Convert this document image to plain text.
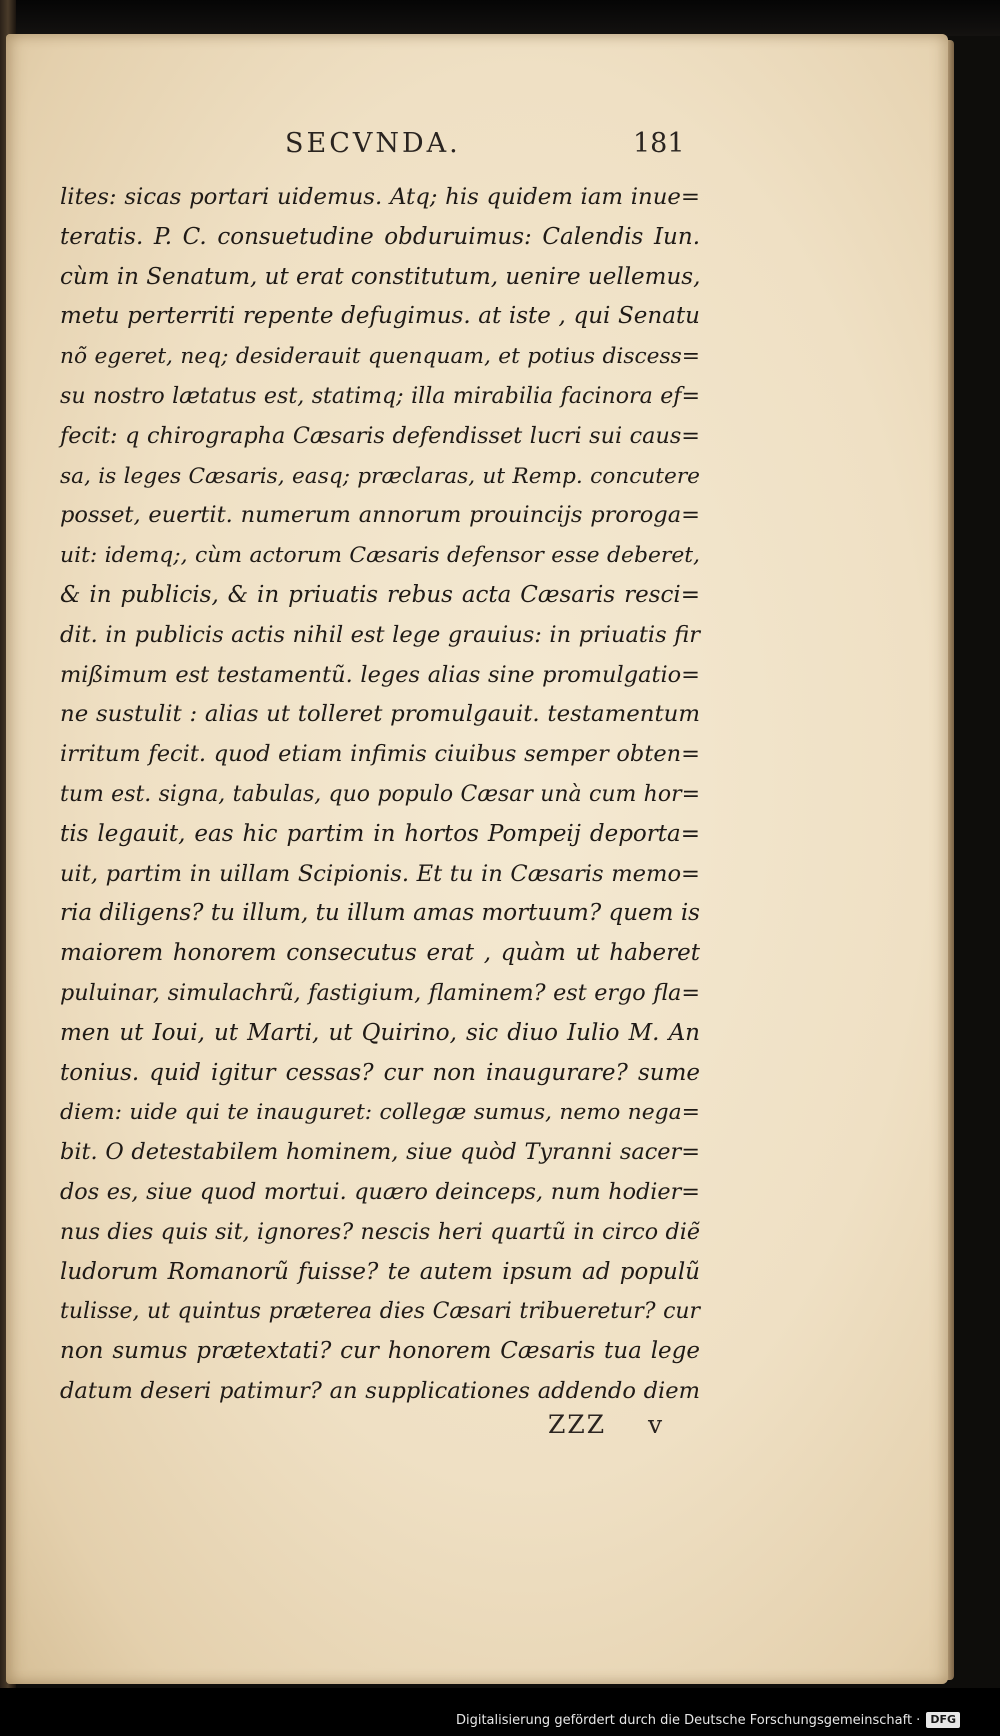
SECVNDA.	181
lites: sicas portari uidemus. Atq; his quidem iam inue=
teratis. P. C. consuetudine obduruimus: Calendis Iun.
cùm in Senatum, ut erat constitutum, uenire uellemus,
metu perterriti repente defugimus. at iste , qui Senatu
nõ egeret, neq; desiderauit quenquam, et potius discess=
su nostro lætatus est, statimq; illa mirabilia facinora ef=
fecit: q chirographa Cæsaris defendisset lucri sui caus=
sa, is leges Cæsaris, easq; præclaras, ut Remp. concutere
posset, euertit. numerum annorum prouincijs proroga=
uit: idemq;, cùm actorum Cæsaris defensor esse deberet,
& in publicis, & in priuatis rebus acta Cæsaris resci=
dit. in publicis actis nihil est lege grauius: in priuatis fir
mißimum est testamentũ. leges alias sine promulgatio=
ne sustulit : alias ut tolleret promulgauit. testamentum
irritum fecit. quod etiam infimis ciuibus semper obten=
tum est. signa, tabulas, quo populo Cæsar unà cum hor=
tis legauit, eas hic partim in hortos Pompeij deporta=
uit, partim in uillam Scipionis. Et tu in Cæsaris memo=
ria diligens? tu illum, tu illum amas mortuum? quem is
maiorem honorem consecutus erat , quàm ut haberet
puluinar, simulachrũ, fastigium, flaminem? est ergo fla=
men ut Ioui, ut Marti, ut Quirino, sic diuo Iulio M. An
tonius. quid igitur cessas? cur non inaugurare? sume
diem: uide qui te inauguret: collegæ sumus, nemo nega=
bit. O detestabilem hominem, siue quòd Tyranni sacer=
dos es, siue quod mortui. quæro deinceps, num hodier=
nus dies quis sit, ignores? nescis heri quartũ in circo diẽ
ludorum Romanorũ fuisse? te autem ipsum ad populũ
tulisse, ut quintus præterea dies Cæsari tribueretur? cur
non sumus prætextati? cur honorem Cæsaris tua lege
datum deseri patimur? an supplicationes addendo diem
ZZZ v
Digitalisierung gefördert durch die Deutsche Forschungsgemeinschaft · DFG
